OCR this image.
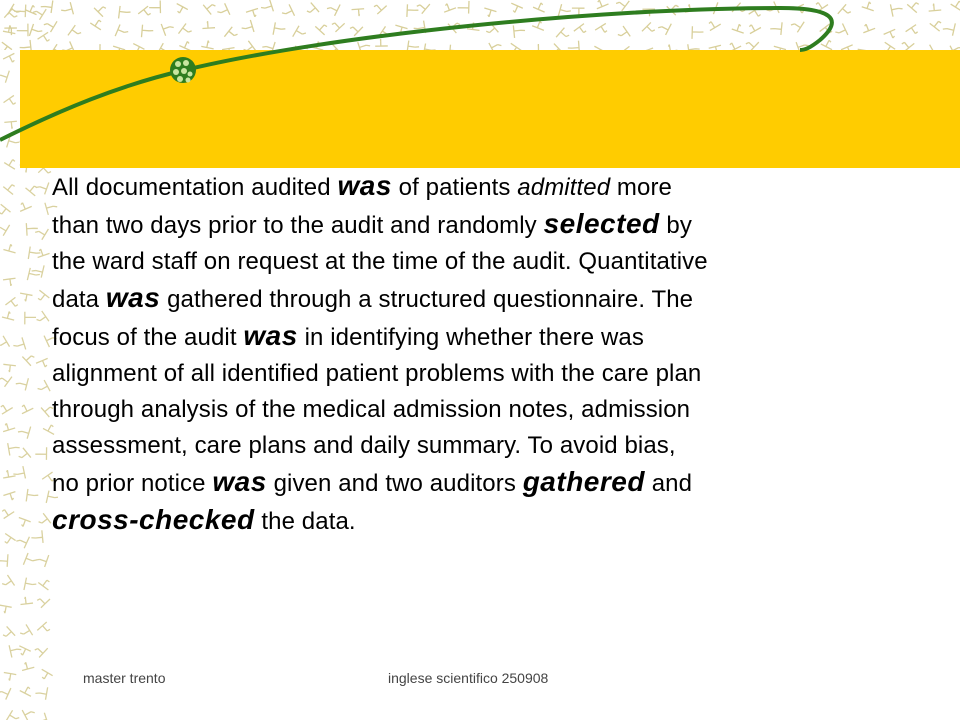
All documentation audited was of patients admitted more
than two days prior to the audit and randomly selected by
the ward staff on request at the time of the audit. Quantitative
data was gathered through a structured questionnaire. The
focus of the audit was in identifying whether there was
alignment of all identified patient problems with the care plan
through analysis of the medical admission notes, admission
assessment, care plans and daily summary. To avoid bias,
no prior notice was given and two auditors gathered and
cross-checked the data.
master trento	inglese scientifico 250908
